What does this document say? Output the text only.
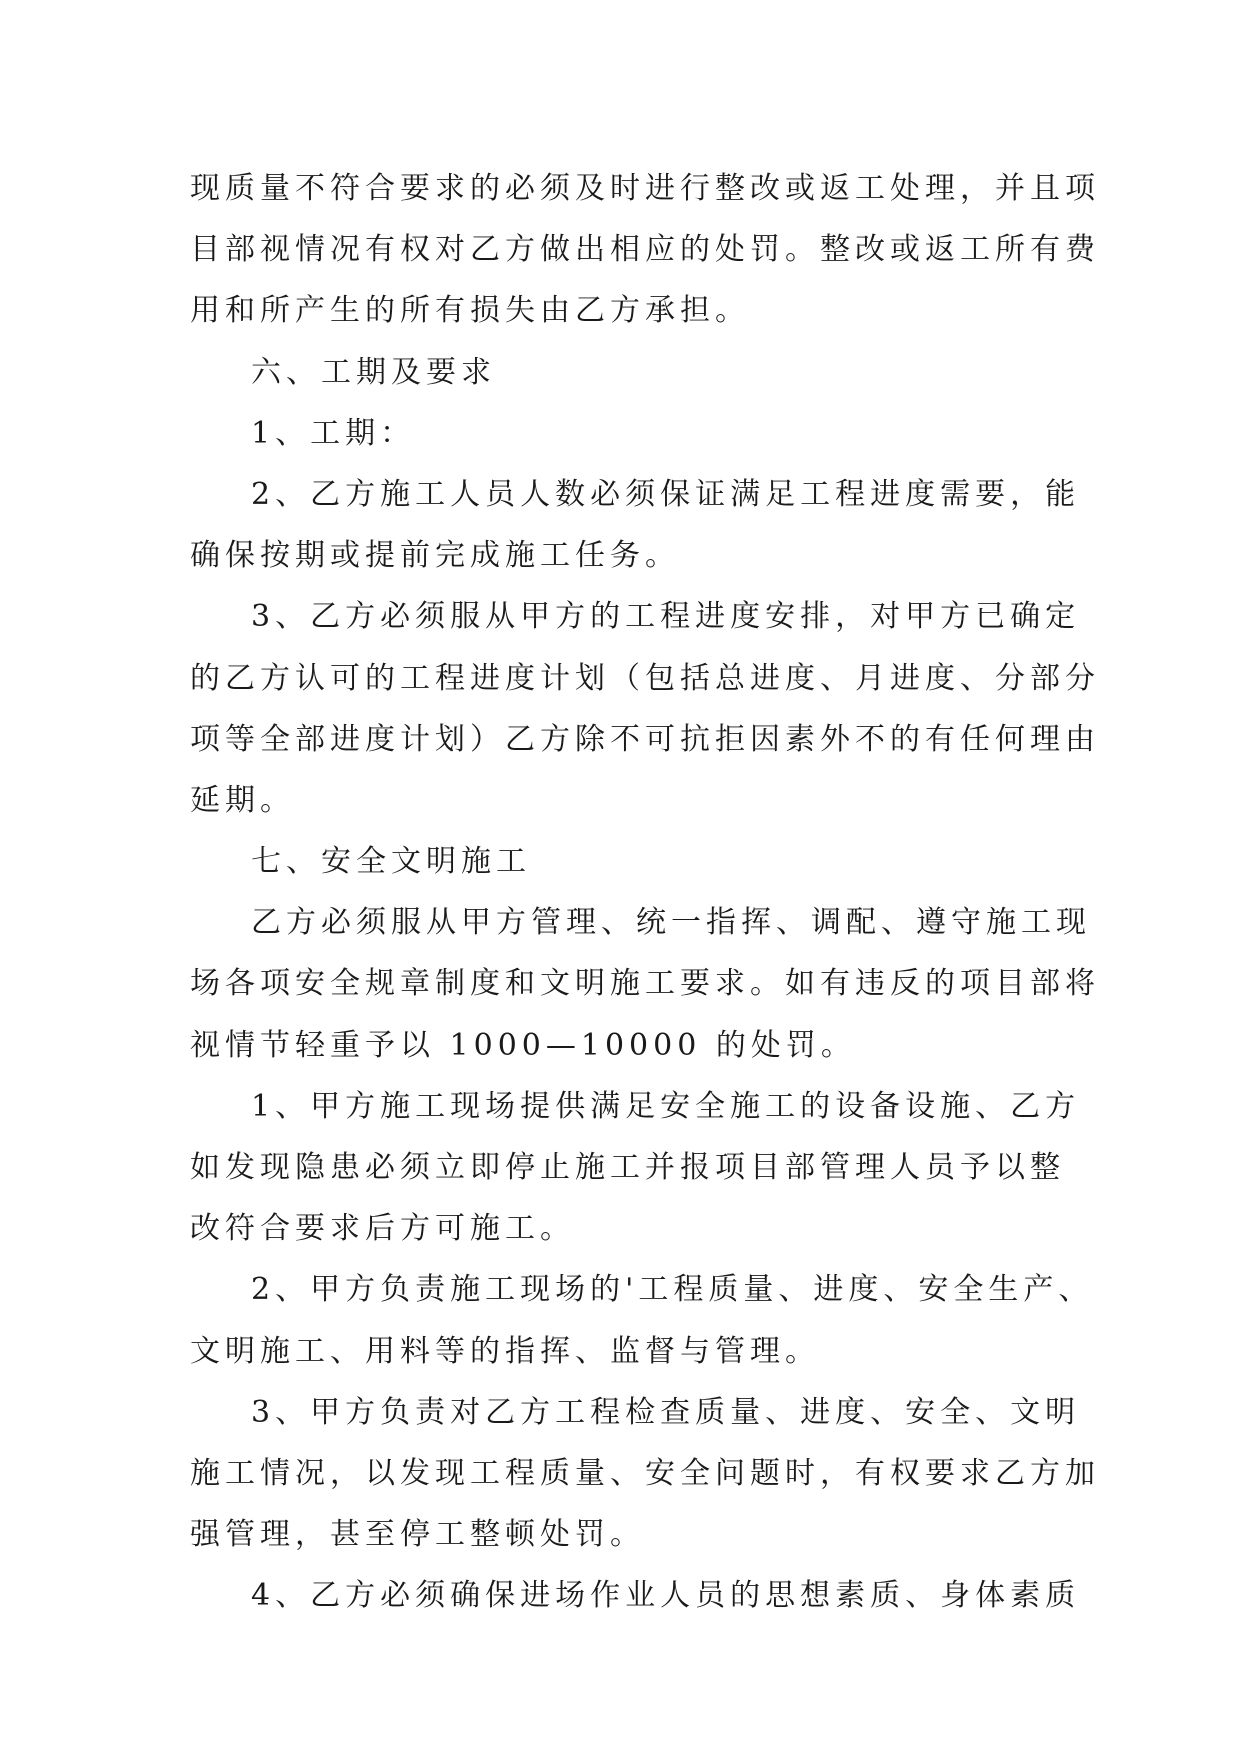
现质量不符合要求的必须及时进行整改或返工处理，并且项
目部视情况有权对乙方做出相应的处罚。整改或返工所有费
用和所产生的所有损失由乙方承担。
六、工期及要求
1、工期：
2、乙方施工人员人数必须保证满足工程进度需要，能
确保按期或提前完成施工任务。
3、乙方必须服从甲方的工程进度安排，对甲方已确定
的乙方认可的工程进度计划（包括总进度、月进度、分部分
项等全部进度计划）乙方除不可抗拒因素外不的有任何理由
延期。
七、安全文明施工
乙方必须服从甲方管理、统一指挥、调配、遵守施工现
场各项安全规章制度和文明施工要求。如有违反的项目部将
视情节轻重予以 1000—10000 的处罚。
1、甲方施工现场提供满足安全施工的设备设施、乙方
如发现隐患必须立即停止施工并报项目部管理人员予以整
改符合要求后方可施工。
2、甲方负责施工现场的'工程质量、进度、安全生产、
文明施工、用料等的指挥、监督与管理。
3、甲方负责对乙方工程检查质量、进度、安全、文明
施工情况，以发现工程质量、安全问题时，有权要求乙方加
强管理，甚至停工整顿处罚。
4、乙方必须确保进场作业人员的思想素质、身体素质
